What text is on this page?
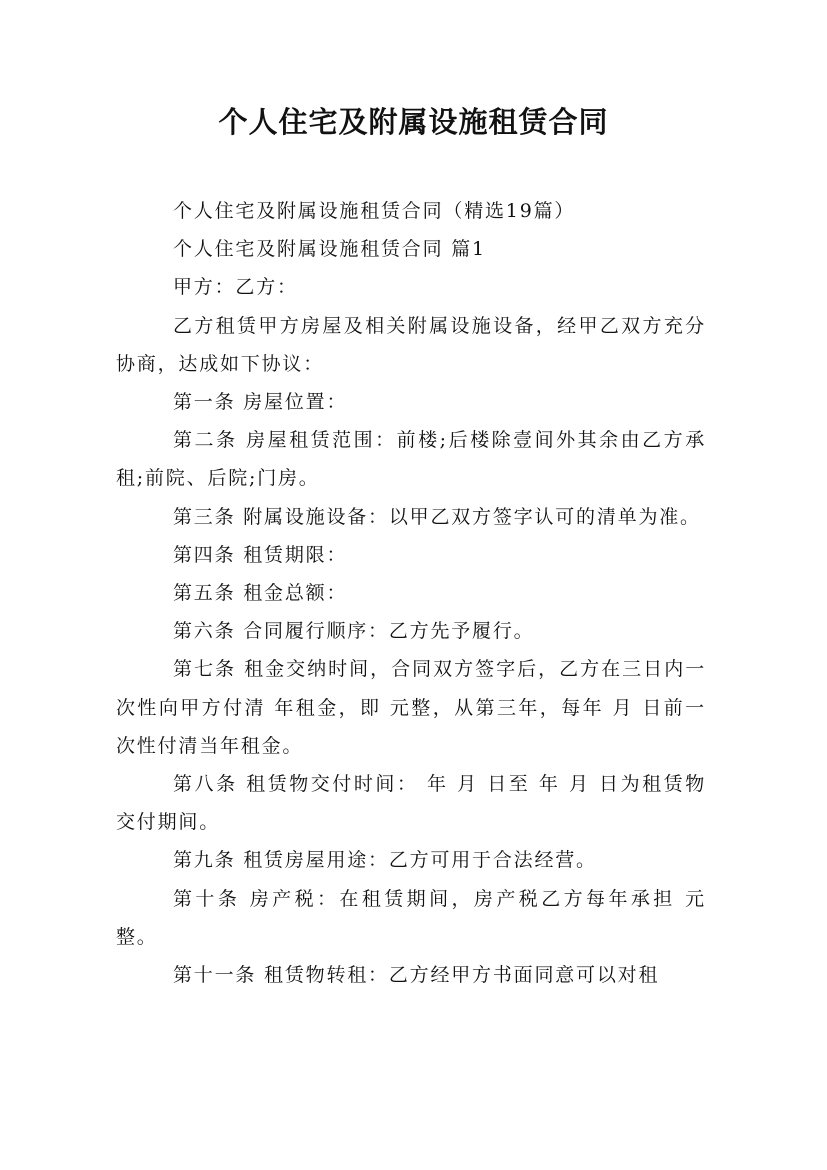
个人住宅及附属设施租赁合同

个人住宅及附属设施租赁合同（精选19篇）

个人住宅及附属设施租赁合同 篇1

甲方：乙方：

乙方租赁甲方房屋及相关附属设施设备，经甲乙双方充分协商，达成如下协议：

第一条 房屋位置：

第二条 房屋租赁范围：前楼;后楼除壹间外其余由乙方承租;前院、后院;门房。

第三条 附属设施设备：以甲乙双方签字认可的清单为准。

第四条 租赁期限：

第五条 租金总额：

第六条 合同履行顺序：乙方先予履行。

第七条 租金交纳时间，合同双方签字后，乙方在三日内一次性向甲方付清 年租金，即 元整，从第三年，每年 月 日前一次性付清当年租金。

第八条 租赁物交付时间： 年 月 日至 年 月 日为租赁物交付期间。

第九条 租赁房屋用途：乙方可用于合法经营。

第十条 房产税：在租赁期间，房产税乙方每年承担 元整。

第十一条 租赁物转租：乙方经甲方书面同意可以对租
